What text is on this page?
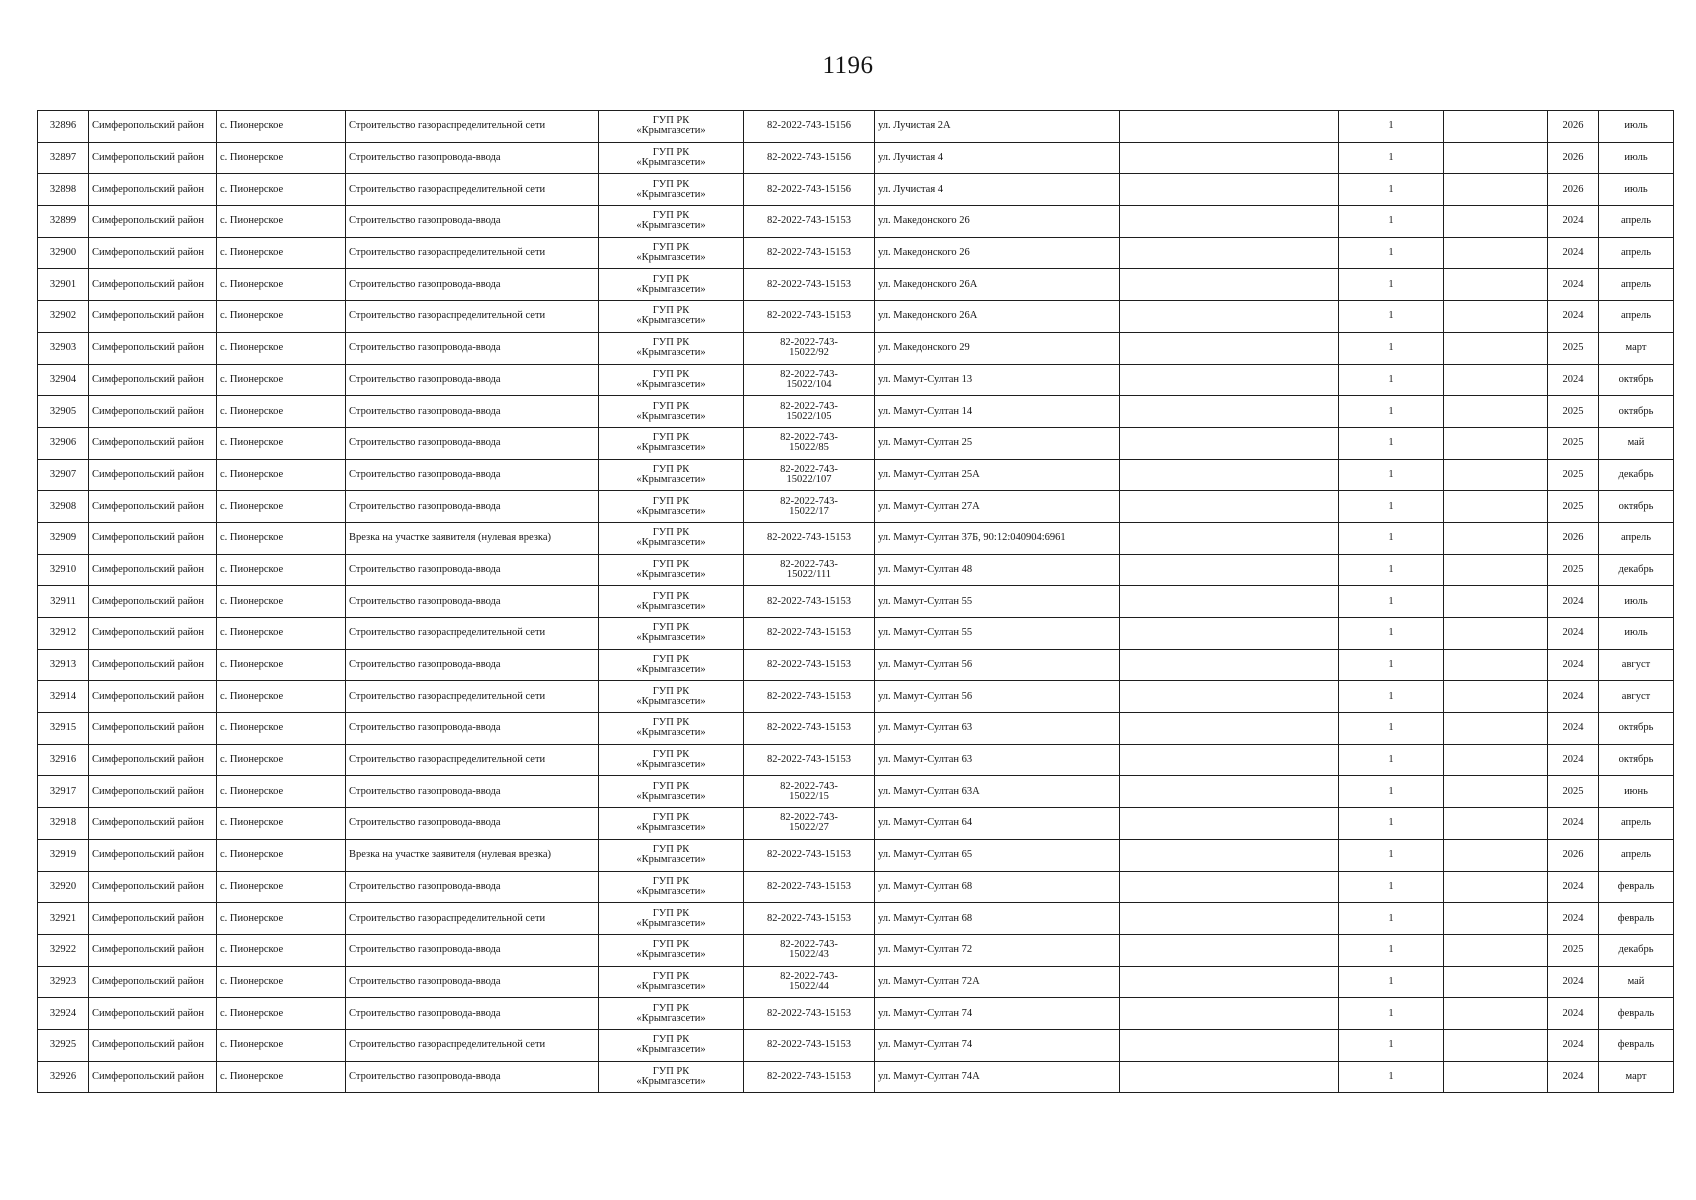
1196
32896	Симферопольский район	с. Пионерское	Строительство газораспределительной сети	ГУП РК
«Крымгазсети»	82-2022-743-15156	ул. Лучистая 2А		1		2026	июль
32897	Симферопольский район	с. Пионерское	Строительство газопровода-ввода	ГУП РК
«Крымгазсети»	82-2022-743-15156	ул. Лучистая 4		1		2026	июль
32898	Симферопольский район	с. Пионерское	Строительство газораспределительной сети	ГУП РК
«Крымгазсети»	82-2022-743-15156	ул. Лучистая 4		1		2026	июль
32899	Симферопольский район	с. Пионерское	Строительство газопровода-ввода	ГУП РК
«Крымгазсети»	82-2022-743-15153	ул. Македонского 26		1		2024	апрель
32900	Симферопольский район	с. Пионерское	Строительство газораспределительной сети	ГУП РК
«Крымгазсети»	82-2022-743-15153	ул. Македонского 26		1		2024	апрель
32901	Симферопольский район	с. Пионерское	Строительство газопровода-ввода	ГУП РК
«Крымгазсети»	82-2022-743-15153	ул. Македонского 26А		1		2024	апрель
32902	Симферопольский район	с. Пионерское	Строительство газораспределительной сети	ГУП РК
«Крымгазсети»	82-2022-743-15153	ул. Македонского 26А		1		2024	апрель
32903	Симферопольский район	с. Пионерское	Строительство газопровода-ввода	ГУП РК
«Крымгазсети»	82-2022-743-
15022/92	ул. Македонского 29		1		2025	март
32904	Симферопольский район	с. Пионерское	Строительство газопровода-ввода	ГУП РК
«Крымгазсети»	82-2022-743-
15022/104	ул. Мамут-Султан 13		1		2024	октябрь
32905	Симферопольский район	с. Пионерское	Строительство газопровода-ввода	ГУП РК
«Крымгазсети»	82-2022-743-
15022/105	ул. Мамут-Султан 14		1		2025	октябрь
32906	Симферопольский район	с. Пионерское	Строительство газопровода-ввода	ГУП РК
«Крымгазсети»	82-2022-743-
15022/85	ул. Мамут-Султан 25		1		2025	май
32907	Симферопольский район	с. Пионерское	Строительство газопровода-ввода	ГУП РК
«Крымгазсети»	82-2022-743-
15022/107	ул. Мамут-Султан 25А		1		2025	декабрь
32908	Симферопольский район	с. Пионерское	Строительство газопровода-ввода	ГУП РК
«Крымгазсети»	82-2022-743-
15022/17	ул. Мамут-Султан 27А		1		2025	октябрь
32909	Симферопольский район	с. Пионерское	Врезка на участке заявителя (нулевая врезка)	ГУП РК
«Крымгазсети»	82-2022-743-15153	ул. Мамут-Султан 37Б, 90:12:040904:6961		1		2026	апрель
32910	Симферопольский район	с. Пионерское	Строительство газопровода-ввода	ГУП РК
«Крымгазсети»	82-2022-743-
15022/111	ул. Мамут-Султан 48		1		2025	декабрь
32911	Симферопольский район	с. Пионерское	Строительство газопровода-ввода	ГУП РК
«Крымгазсети»	82-2022-743-15153	ул. Мамут-Султан 55		1		2024	июль
32912	Симферопольский район	с. Пионерское	Строительство газораспределительной сети	ГУП РК
«Крымгазсети»	82-2022-743-15153	ул. Мамут-Султан 55		1		2024	июль
32913	Симферопольский район	с. Пионерское	Строительство газопровода-ввода	ГУП РК
«Крымгазсети»	82-2022-743-15153	ул. Мамут-Султан 56		1		2024	август
32914	Симферопольский район	с. Пионерское	Строительство газораспределительной сети	ГУП РК
«Крымгазсети»	82-2022-743-15153	ул. Мамут-Султан 56		1		2024	август
32915	Симферопольский район	с. Пионерское	Строительство газопровода-ввода	ГУП РК
«Крымгазсети»	82-2022-743-15153	ул. Мамут-Султан 63		1		2024	октябрь
32916	Симферопольский район	с. Пионерское	Строительство газораспределительной сети	ГУП РК
«Крымгазсети»	82-2022-743-15153	ул. Мамут-Султан 63		1		2024	октябрь
32917	Симферопольский район	с. Пионерское	Строительство газопровода-ввода	ГУП РК
«Крымгазсети»	82-2022-743-
15022/15	ул. Мамут-Султан 63А		1		2025	июнь
32918	Симферопольский район	с. Пионерское	Строительство газопровода-ввода	ГУП РК
«Крымгазсети»	82-2022-743-
15022/27	ул. Мамут-Султан 64		1		2024	апрель
32919	Симферопольский район	с. Пионерское	Врезка на участке заявителя (нулевая врезка)	ГУП РК
«Крымгазсети»	82-2022-743-15153	ул. Мамут-Султан 65		1		2026	апрель
32920	Симферопольский район	с. Пионерское	Строительство газопровода-ввода	ГУП РК
«Крымгазсети»	82-2022-743-15153	ул. Мамут-Султан 68		1		2024	февраль
32921	Симферопольский район	с. Пионерское	Строительство газораспределительной сети	ГУП РК
«Крымгазсети»	82-2022-743-15153	ул. Мамут-Султан 68		1		2024	февраль
32922	Симферопольский район	с. Пионерское	Строительство газопровода-ввода	ГУП РК
«Крымгазсети»	82-2022-743-
15022/43	ул. Мамут-Султан 72		1		2025	декабрь
32923	Симферопольский район	с. Пионерское	Строительство газопровода-ввода	ГУП РК
«Крымгазсети»	82-2022-743-
15022/44	ул. Мамут-Султан 72А		1		2024	май
32924	Симферопольский район	с. Пионерское	Строительство газопровода-ввода	ГУП РК
«Крымгазсети»	82-2022-743-15153	ул. Мамут-Султан 74		1		2024	февраль
32925	Симферопольский район	с. Пионерское	Строительство газораспределительной сети	ГУП РК
«Крымгазсети»	82-2022-743-15153	ул. Мамут-Султан 74		1		2024	февраль
32926	Симферопольский район	с. Пионерское	Строительство газопровода-ввода	ГУП РК
«Крымгазсети»	82-2022-743-15153	ул. Мамут-Султан 74А		1		2024	март
